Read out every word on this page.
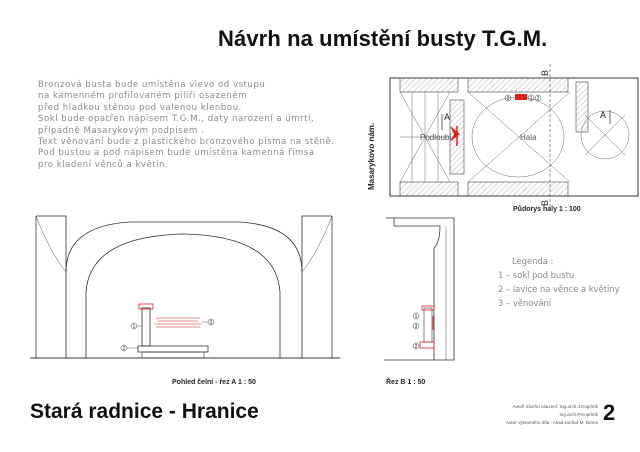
Návrh na umístění busty T.G.M.
Bronzová busta bude umístěna vlevo od vstupu
na kamenném profilovaném pilíři osazeném
před hladkou stěnou pod valenou klenbou.
Sokl bude opatřen nápisem T.G.M., daty narození a úmrtí,
případně Masarykovým podpisem .
Text věnování bude z plastického bronzového písma na stěně.
Pod bustou a pod nápisem bude umístěna kamenná římsa
pro kladení věnců a květin.	Masarykovo nám.	Podloubí	Hala
1 2
3
A	A
B
B
Půdorys haly 1 : 100
1
2
3
Pohled čelní - řez A 1 : 50
1
2
3
Řez B 1 : 50
Legenda :
1 – sokl pod bustu
2 – lavice na věnce a květiny
3 – věnování
Stará radnice - Hranice	Autoři návrhu osazení: Ing.arch.J.Koprlník
Ing.arch.P.Koprlník
Autor výtvarného díla : Akad.sochař M. Bores 2
